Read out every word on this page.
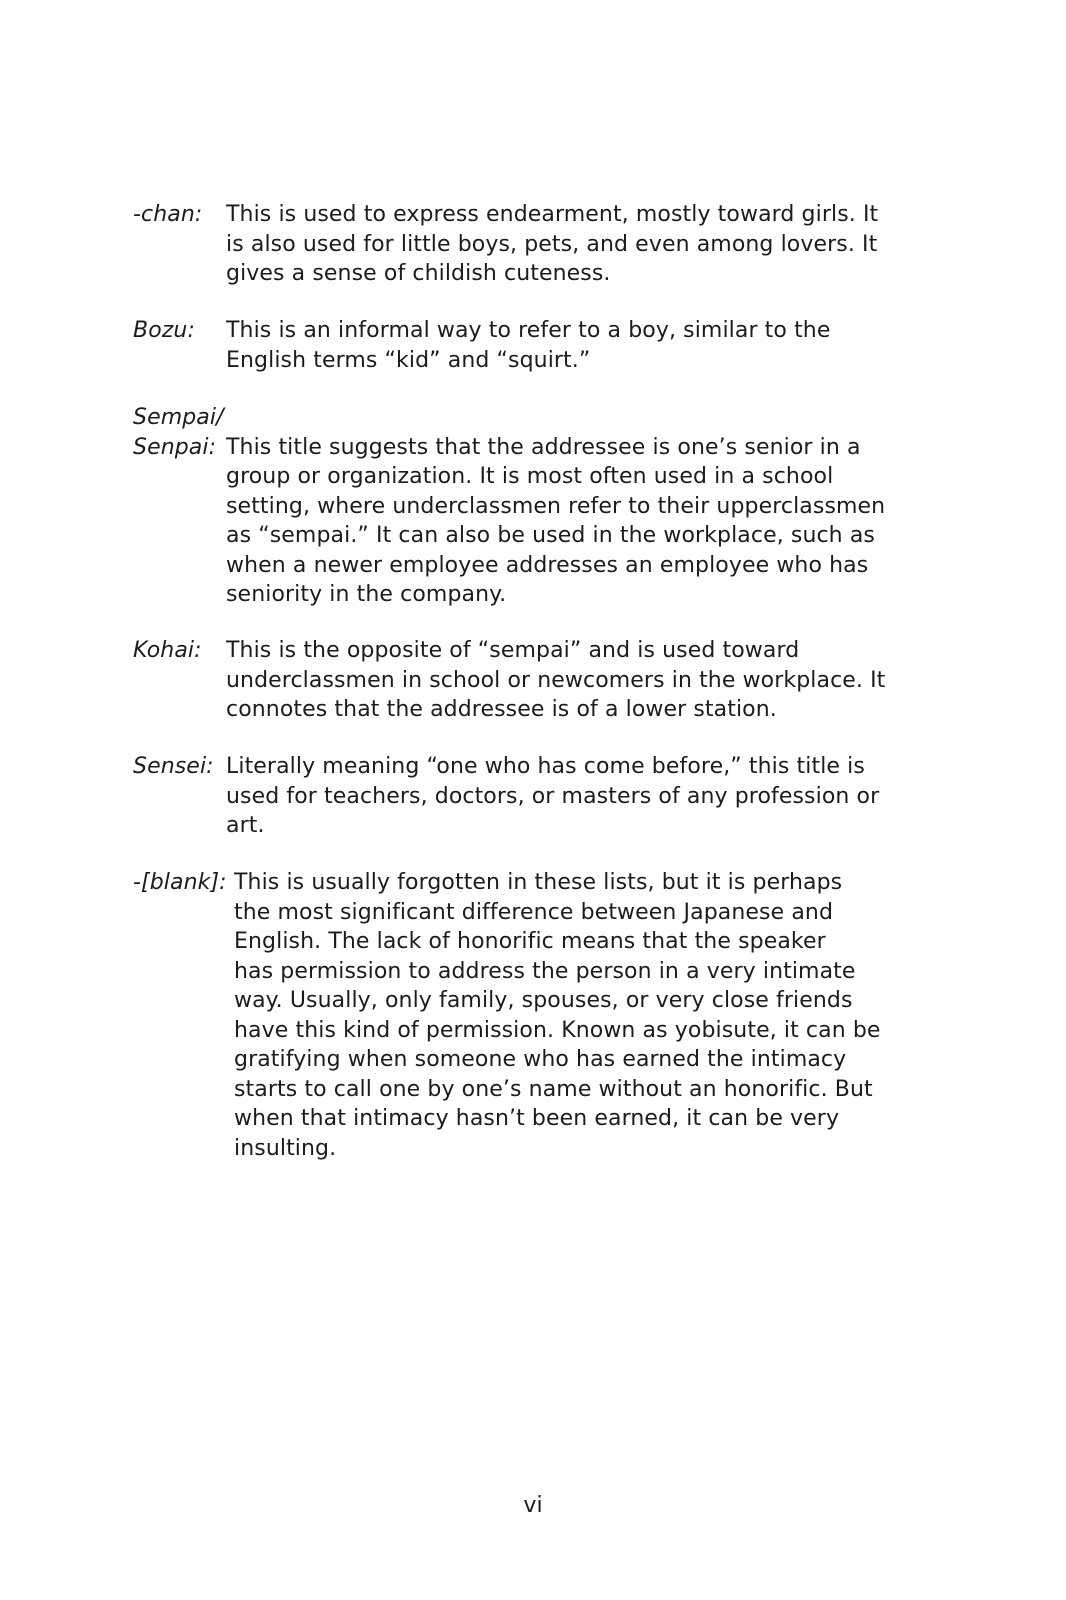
-chan: This is used to express endearment, mostly toward girls. It
is also used for little boys, pets, and even among lovers. It
gives a sense of childish cuteness.
Bozu: This is an informal way to refer to a boy, similar to the
English terms “kid” and “squirt.”
Sempai/
Senpai: This title suggests that the addressee is one’s senior in a
group or organization. It is most often used in a school
setting, where underclassmen refer to their upperclassmen
as “sempai.” It can also be used in the workplace, such as
when a newer employee addresses an employee who has
seniority in the company.
Kohai: This is the opposite of “sempai” and is used toward
underclassmen in school or newcomers in the workplace. It
connotes that the addressee is of a lower station.
Sensei: Literally meaning “one who has come before,” this title is
used for teachers, doctors, or masters of any profession or
art.
-[blank]: This is usually forgotten in these lists, but it is perhaps
the most significant difference between Japanese and
English. The lack of honorific means that the speaker
has permission to address the person in a very intimate
way. Usually, only family, spouses, or very close friends
have this kind of permission. Known as yobisute, it can be
gratifying when someone who has earned the intimacy
starts to call one by one’s name without an honorific. But
when that intimacy hasn’t been earned, it can be very
insulting.
vi
